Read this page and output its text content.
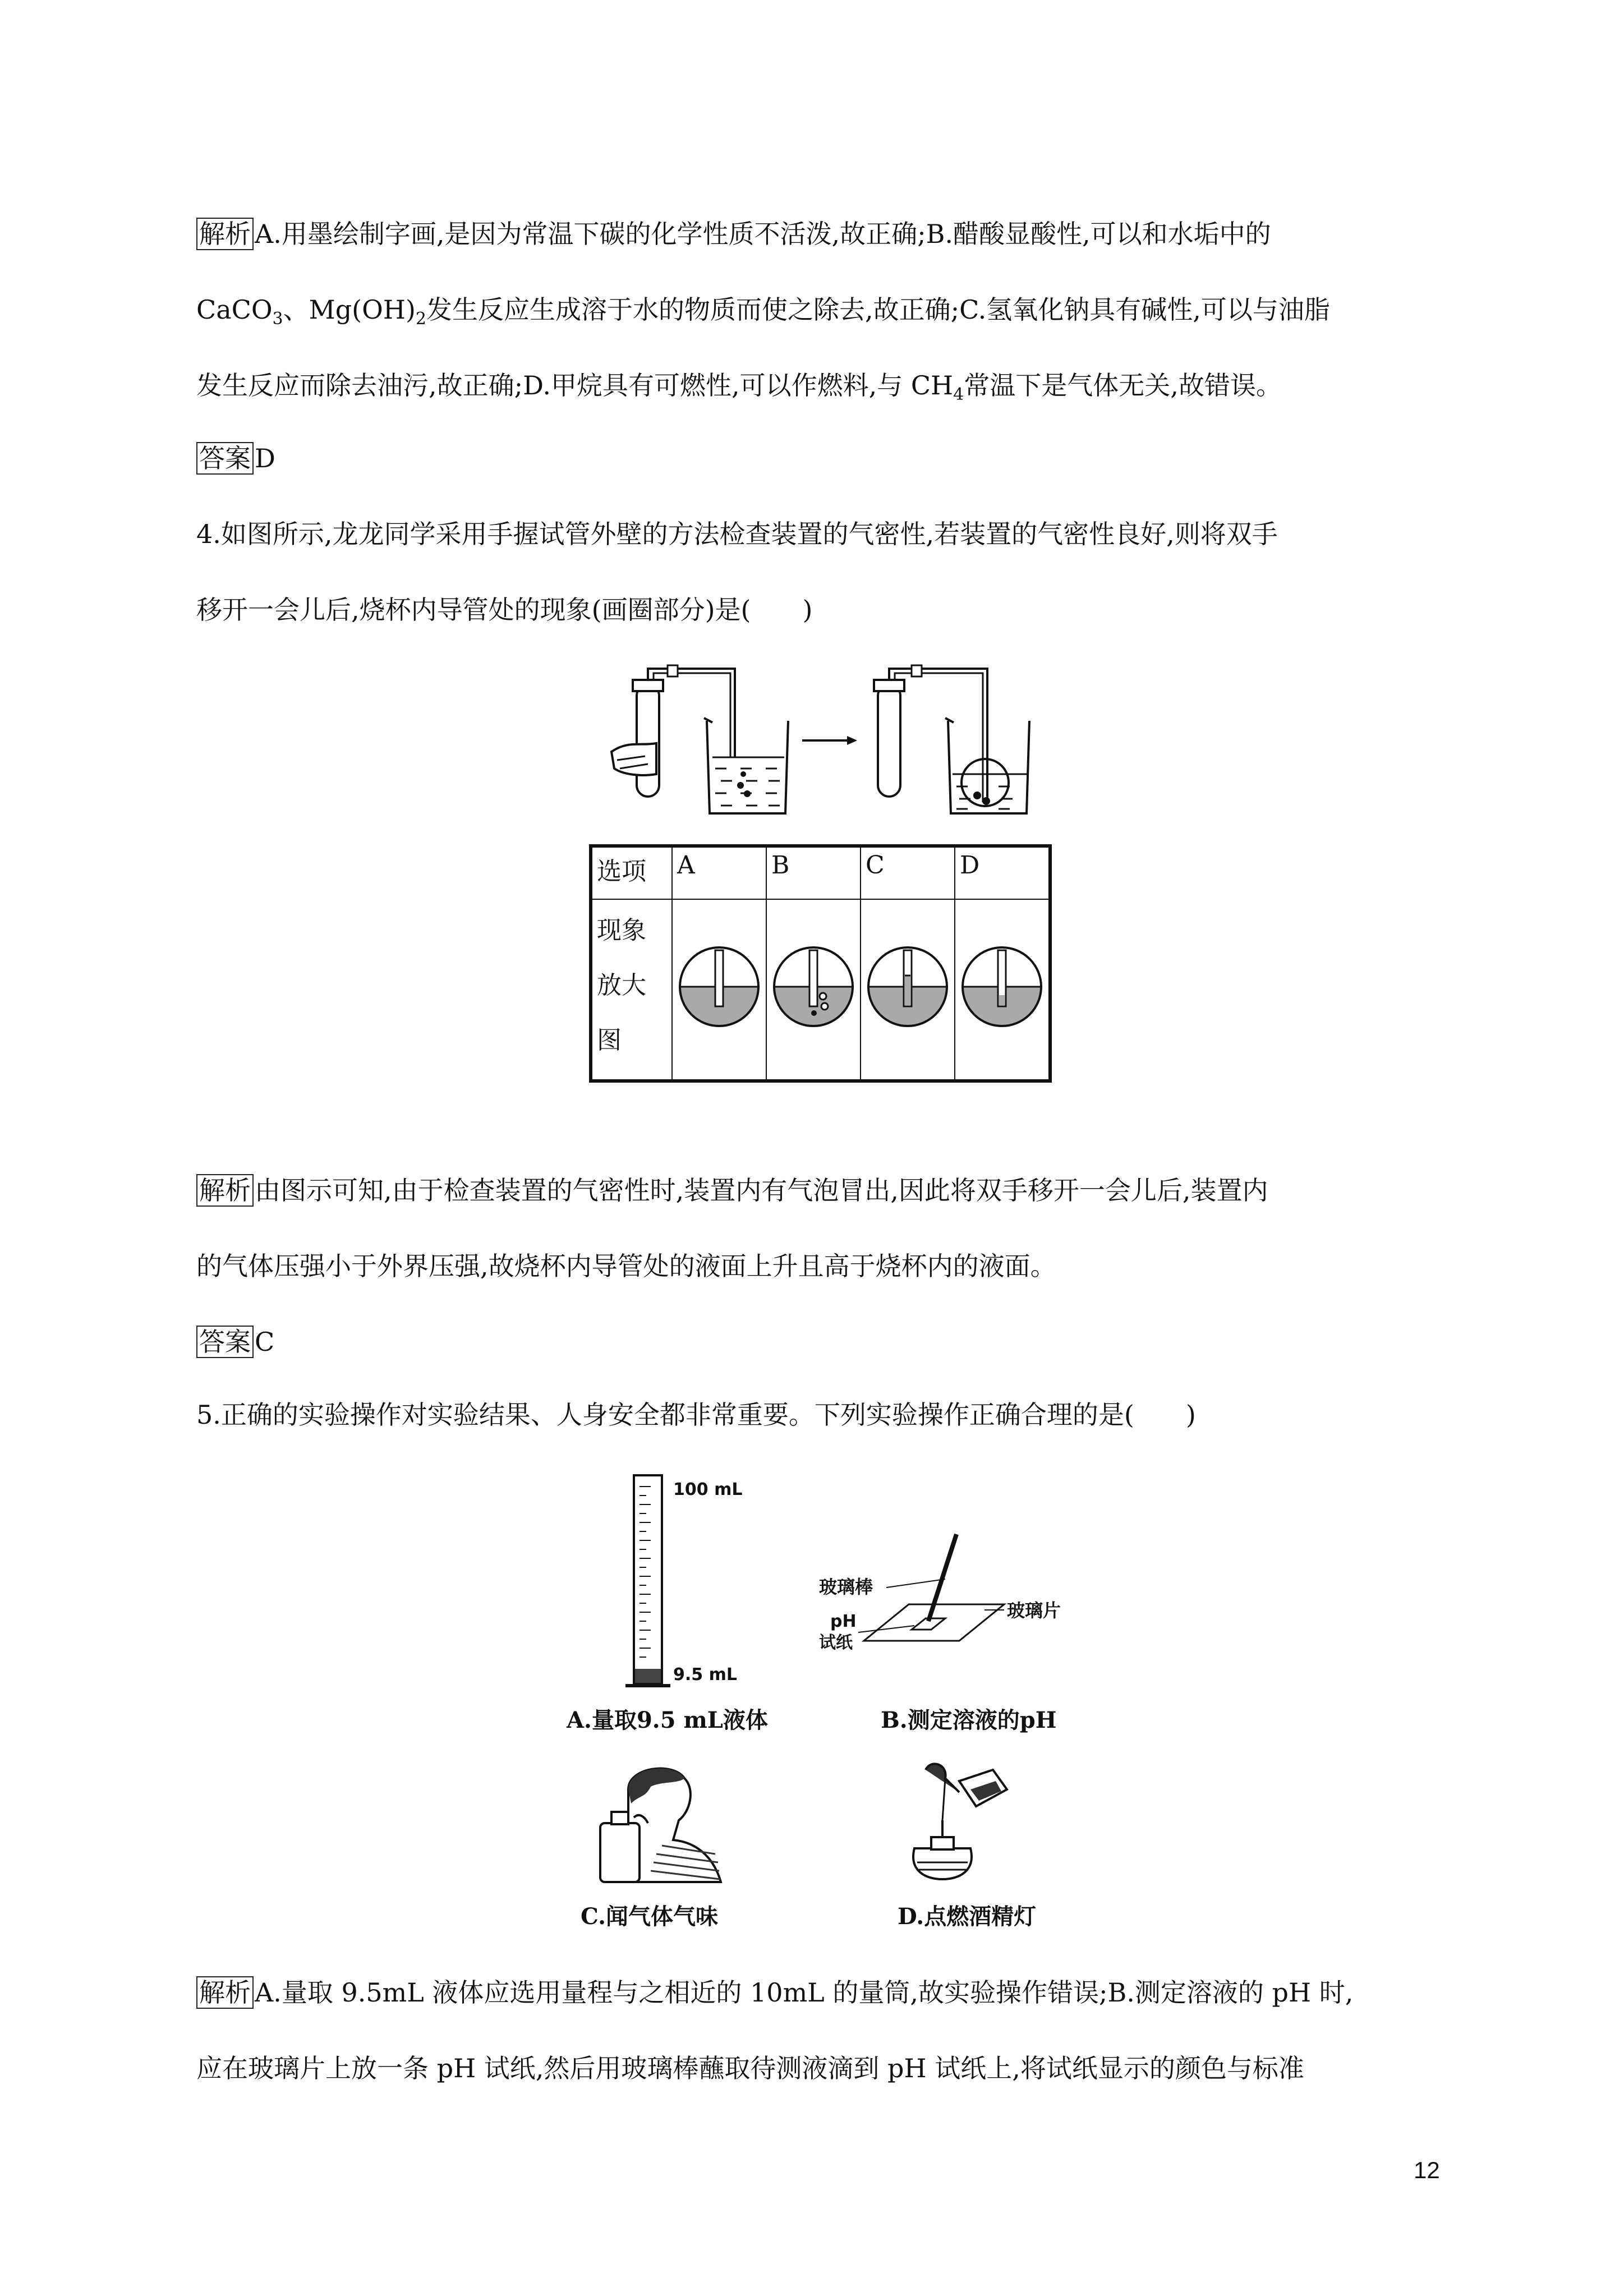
解析 A.用墨绘制字画,是因为常温下碳的化学性质不活泼,故正确;B.醋酸显酸性,可以和水垢中的
CaCO$_3$、$Mg(OH)_2$发生反应生成溶于水的物质而使之除去,故正确;C.氢氧化钠具有碱性,可以与油脂
发生反应而除去油污,故正确;D.甲烷具有可燃性,可以作燃料,与 $CH_4$常温下是气体无关,故错误。
答案 D
4.如图所示,龙龙同学采用手握试管外壁的方法检查装置的气密性,若装置的气密性良好,则将双手
移开一会儿后,烧杯内导管处的现象(画圈部分)是(　　)
选项	A	B	C	D

现象
放大
图

解析 由图示可知,由于检查装置的气密性时,装置内有气泡冒出,因此将双手移开一会儿后,装置内
的气体压强小于外界压强,故烧杯内导管处的液面上升且高于烧杯内的液面。
答案 C
5.正确的实验操作对实验结果、人身安全都非常重要。下列实验操作正确合理的是(　　)
100 mL
9.5 mL
A.量取9.5 mL液体
玻璃棒
pH
试纸
玻璃片
B.测定溶液的pH
C.闻气体气味	D.点燃酒精灯
解析 A.量取 9.5mL 液体应选用量程与之相近的 10mL 的量筒,故实验操作错误;B.测定溶液的 pH 时,
应在玻璃片上放一条 pH 试纸,然后用玻璃棒蘸取待测液滴到 pH 试纸上,将试纸显示的颜色与标准
12
